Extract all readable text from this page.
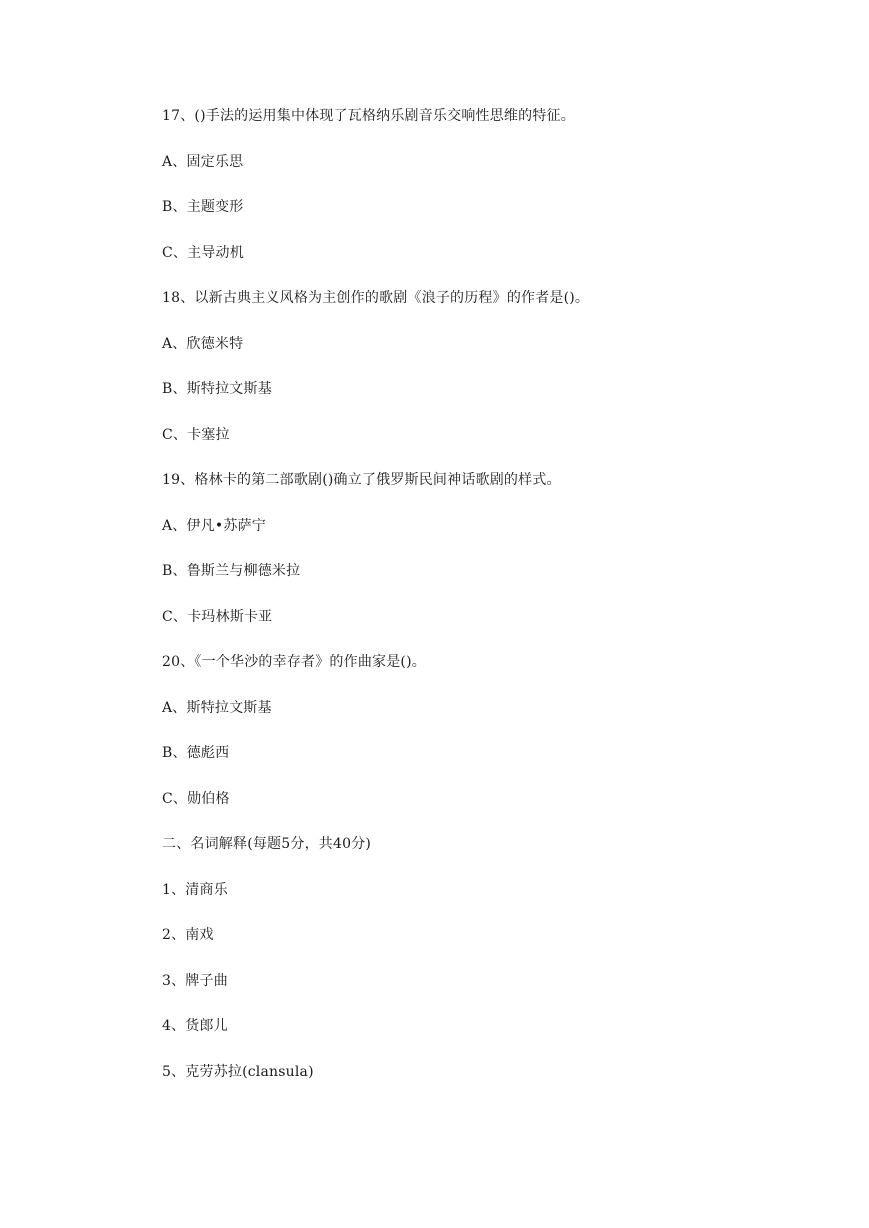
17、()手法的运用集中体现了瓦格纳乐剧音乐交响性思维的特征。
A、固定乐思
B、主题变形
C、主导动机
18、以新古典主义风格为主创作的歌剧《浪子的历程》的作者是()。
A、欣德米特
B、斯特拉文斯基
C、卡塞拉
19、格林卡的第二部歌剧()确立了俄罗斯民间神话歌剧的样式。
A、伊凡•苏萨宁
B、鲁斯兰与柳德米拉
C、卡玛林斯卡亚
20、《一个华沙的幸存者》的作曲家是()。
A、斯特拉文斯基
B、德彪西
C、勋伯格
二、名词解释(每题5分，共40分)
1、清商乐
2、南戏
3、牌子曲
4、货郎儿
5、克劳苏拉(clansula)
